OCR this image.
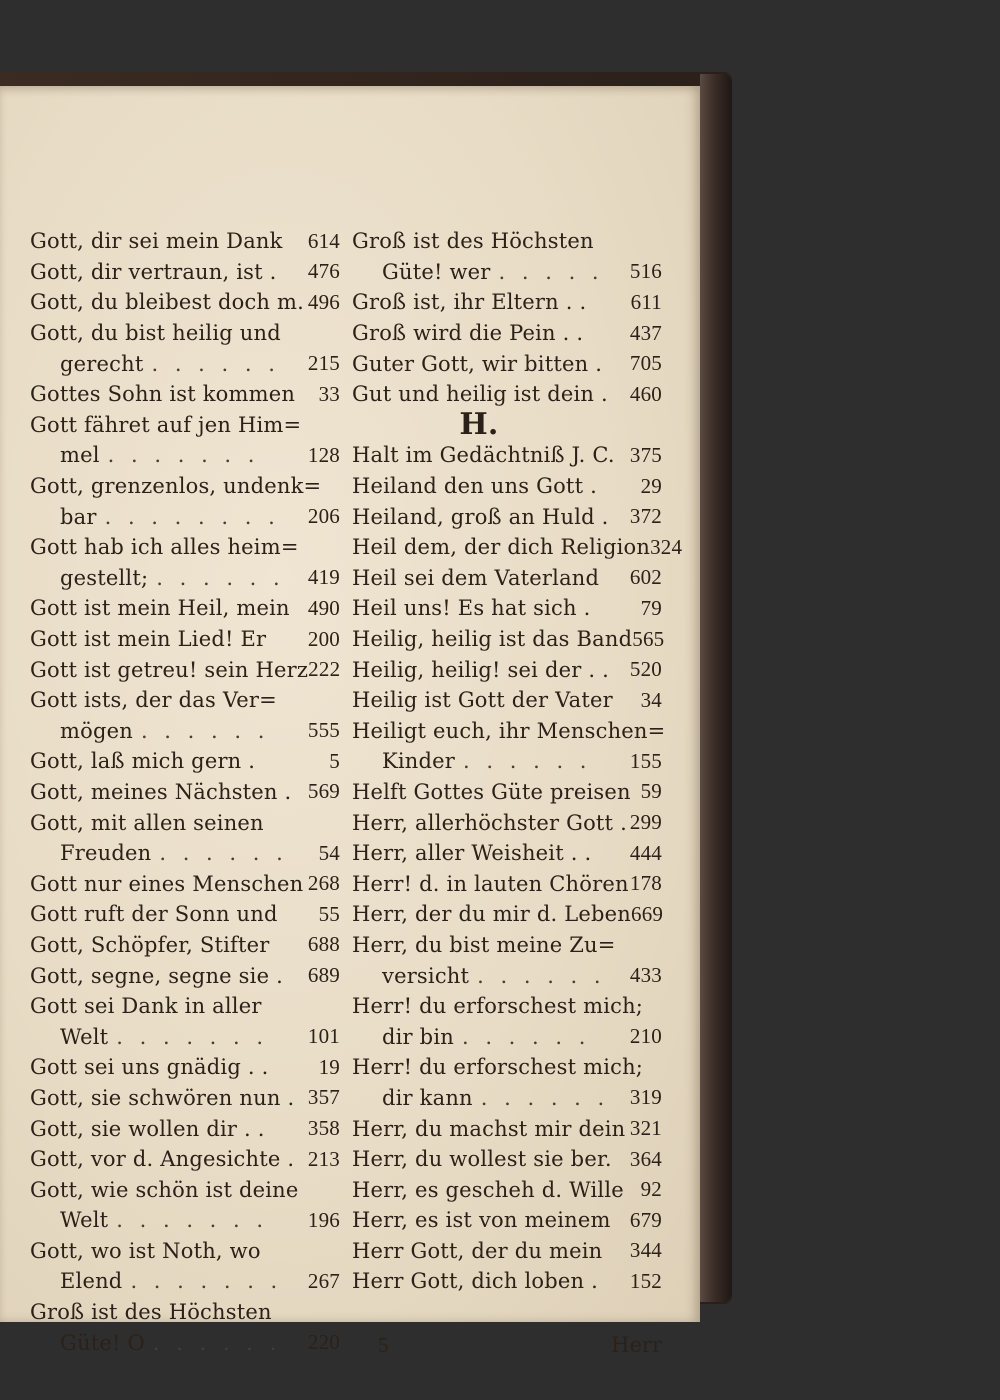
Gott, dir sei mein Dank 614
Gott, dir vertraun, ist . 476
Gott, du bleibest doch m. 496
Gott, du bist heilig und
gerecht . . . . . .	215
Gottes Sohn ist kommen 33
Gott fähret auf jen Him=
mel . . . . . . .	128
Gott, grenzenlos, undenk=
bar . . . . . . . .	206
Gott hab ich alles heim=
gestellt; . . . . . .	419
Gott ist mein Heil, mein 490
Gott ist mein Lied! Er 200
Gott ist getreu! sein Herz 222
Gott ists, der das Ver=
mögen . . . . . .	555
Gott, laß mich gern .	5
Gott, meines Nächsten . 569
Gott, mit allen seinen
Freuden . . . . . .	54
Gott nur eines Menschen 268
Gott ruft der Sonn und 55
Gott, Schöpfer, Stifter 688
Gott, segne, segne sie . 689
Gott sei Dank in aller
Welt . . . . . . .	101
Gott sei uns gnädig . . 19
Gott, sie schwören nun . 357
Gott, sie wollen dir . . 358
Gott, vor d. Angesichte . 213
Gott, wie schön ist deine
Welt . . . . . . .	196
Gott, wo ist Noth, wo
Elend . . . . . . .	267
Groß ist des Höchsten
Güte! O . . . . . .	220
Groß ist des Höchsten
Güte! wer . . . . .	516
Groß ist, ihr Eltern . . 611
Groß wird die Pein . . 437
Guter Gott, wir bitten . 705
Gut und heilig ist dein . 460
H.
Halt im Gedächtniß J. C. 375
Heiland den uns Gott . 29
Heiland, groß an Huld . 372
Heil dem, der dich Religion 324
Heil sei dem Vaterland 602
Heil uns! Es hat sich . 79
Heilig, heilig ist das Band 565
Heilig, heilig! sei der . . 520
Heilig ist Gott der Vater 34
Heiligt euch, ihr Menschen=
Kinder . . . . . .	155
Helft Gottes Güte preisen 59
Herr, allerhöchster Gott . 299
Herr, aller Weisheit . . 444
Herr! d. in lauten Chören 178
Herr, der du mir d. Leben 669
Herr, du bist meine Zu=
versicht . . . . . .	433
Herr! du erforschest mich;
dir bin . . . . . .	210
Herr! du erforschest mich;
dir kann . . . . . . 319
Herr, du machst mir dein 321
Herr, du wollest sie ber. 364
Herr, es gescheh d. Wille 92
Herr, es ist von meinem 679
Herr Gott, der du mein 344
Herr Gott, dich loben . 152
5	Herr
